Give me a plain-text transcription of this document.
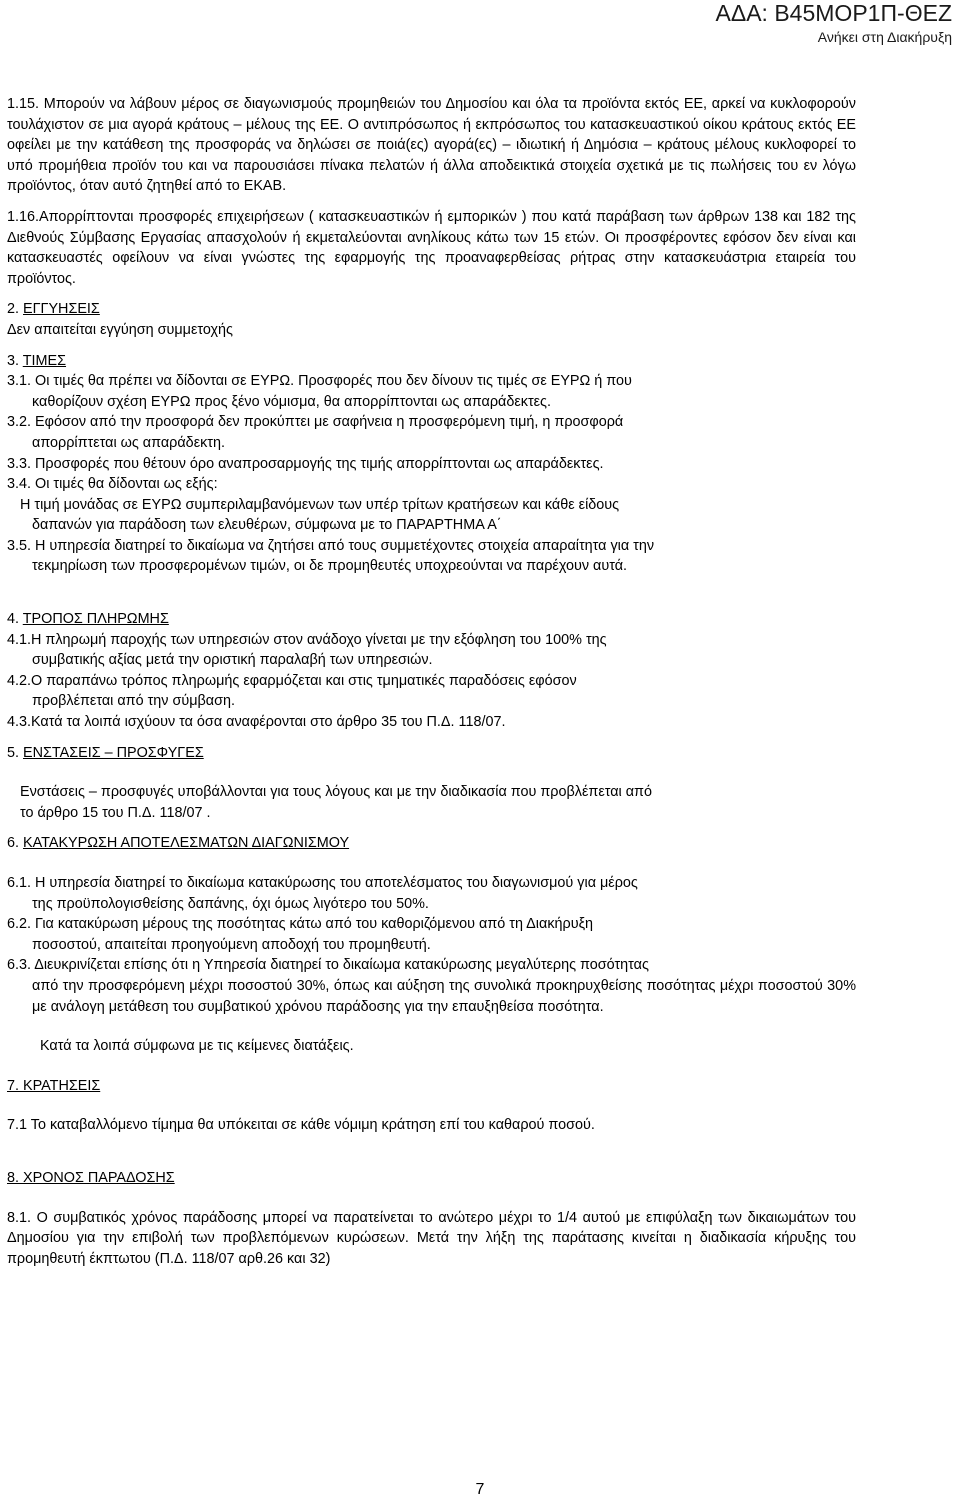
ΑΔΑ: Β45ΜΟΡ1Π-ΘΕΖ
Ανήκει στη Διακήρυξη

1.15. Μπορούν να λάβουν μέρος σε διαγωνισμούς προμηθειών του Δημοσίου και όλα τα προϊόντα εκτός ΕΕ, αρκεί να κυκλοφορούν τουλάχιστον σε μια αγορά κράτους – μέλους της ΕΕ. Ο αντιπρόσωπος ή εκπρόσωπος του κατασκευαστικού οίκου κράτους εκτός ΕΕ οφείλει με την κατάθεση της προσφοράς να δηλώσει σε ποιά(ες) αγορά(ες) – ιδιωτική ή Δημόσια – κράτους μέλους κυκλοφορεί το υπό προμήθεια προϊόν του και να παρουσιάσει πίνακα πελατών ή άλλα αποδεικτικά στοιχεία σχετικά με τις πωλήσεις του εν λόγω προϊόντος, όταν αυτό ζητηθεί από το ΕΚΑΒ.

1.16.Απορρίπτονται προσφορές επιχειρήσεων ( κατασκευαστικών ή εμπορικών ) που κατά παράβαση των άρθρων 138 και 182 της Διεθνούς Σύμβασης Εργασίας απασχολούν ή εκμεταλεύονται ανηλίκους κάτω των 15 ετών. Οι προσφέροντες εφόσον δεν είναι και κατασκευαστές οφείλουν να είναι γνώστες της εφαρμογής της προαναφερθείσας ρήτρας στην κατασκευάστρια εταιρεία του προϊόντος.

2. ΕΓΓΥΗΣΕΙΣ

Δεν απαιτείται εγγύηση συμμετοχής

3. ΤΙΜΕΣ

3.1. Οι τιμές θα πρέπει να δίδονται σε ΕΥΡΩ. Προσφορές που δεν δίνουν τις τιμές σε ΕΥΡΩ ή που

καθορίζουν σχέση ΕΥΡΩ προς ξένο νόμισμα, θα απορρίπτονται ως απαράδεκτες.

3.2. Εφόσον από την προσφορά δεν προκύπτει με σαφήνεια η προσφερόμενη τιμή, η προσφορά

απορρίπτεται ως απαράδεκτη.

3.3. Προσφορές που θέτουν όρο αναπροσαρμογής της τιμής απορρίπτονται ως απαράδεκτες.

3.4. Οι τιμές θα δίδονται ως εξής:

Η τιμή μονάδας σε ΕΥΡΩ συμπεριλαμβανόμενων των υπέρ τρίτων κρατήσεων και κάθε είδους

δαπανών για παράδοση των ελευθέρων, σύμφωνα με το ΠΑΡΑΡΤΗΜΑ Α΄

3.5. Η υπηρεσία διατηρεί το δικαίωμα να ζητήσει από τους συμμετέχοντες στοιχεία απαραίτητα για την

τεκμηρίωση των προσφερομένων τιμών, οι δε προμηθευτές υποχρεούνται να παρέχουν αυτά.

4. ΤΡΟΠΟΣ ΠΛΗΡΩΜΗΣ

4.1.Η πληρωμή παροχής των υπηρεσιών στον ανάδοχο γίνεται με την εξόφληση του 100% της

συμβατικής αξίας μετά την οριστική παραλαβή των υπηρεσιών.

4.2.Ο παραπάνω τρόπος πληρωμής εφαρμόζεται και στις τμηματικές παραδόσεις εφόσον

προβλέπεται από την σύμβαση.

4.3.Κατά τα λοιπά ισχύουν τα όσα αναφέρονται στο άρθρο 35 του Π.Δ. 118/07.

5. ΕΝΣΤΑΣΕΙΣ – ΠΡΟΣΦΥΓΕΣ

Ενστάσεις – προσφυγές υποβάλλονται για τους λόγους και με την διαδικασία που προβλέπεται από

το άρθρο 15 του Π.Δ. 118/07 .

6. ΚΑΤΑΚΥΡΩΣΗ ΑΠΟΤΕΛΕΣΜΑΤΩΝ ΔΙΑΓΩΝΙΣΜΟΥ

6.1. Η υπηρεσία διατηρεί το δικαίωμα κατακύρωσης του αποτελέσματος του διαγωνισμού για μέρος

της προϋπολογισθείσης δαπάνης, όχι όμως λιγότερο του 50%.

6.2. Για κατακύρωση μέρους της ποσότητας κάτω από του καθοριζόμενου από τη Διακήρυξη

ποσοστού, απαιτείται προηγούμενη αποδοχή του προμηθευτή.

6.3. Διευκρινίζεται επίσης ότι η Υπηρεσία διατηρεί το δικαίωμα κατακύρωσης μεγαλύτερης ποσότητας

από την προσφερόμενη μέχρι ποσοστού 30%, όπως και αύξηση της συνολικά προκηρυχθείσης ποσότητας μέχρι ποσοστού 30% με ανάλογη μετάθεση του συμβατικού χρόνου παράδοσης για την επαυξηθείσα ποσότητα.

Κατά τα λοιπά σύμφωνα με τις κείμενες διατάξεις.

7. ΚΡΑΤΗΣΕΙΣ

7.1 Το καταβαλλόμενο τίμημα θα υπόκειται σε κάθε νόμιμη κράτηση επί του καθαρού ποσού.

8. ΧΡΟΝΟΣ ΠΑΡΑΔΟΣΗΣ

8.1. Ο συμβατικός χρόνος παράδοσης μπορεί να παρατείνεται το ανώτερο μέχρι το 1/4 αυτού με επιφύλαξη των δικαιωμάτων του Δημοσίου για την επιβολή των προβλεπόμενων κυρώσεων. Μετά την λήξη της παράτασης κινείται η διαδικασία κήρυξης του προμηθευτή έκπτωτου (Π.Δ. 118/07 αρθ.26 και 32)

7
